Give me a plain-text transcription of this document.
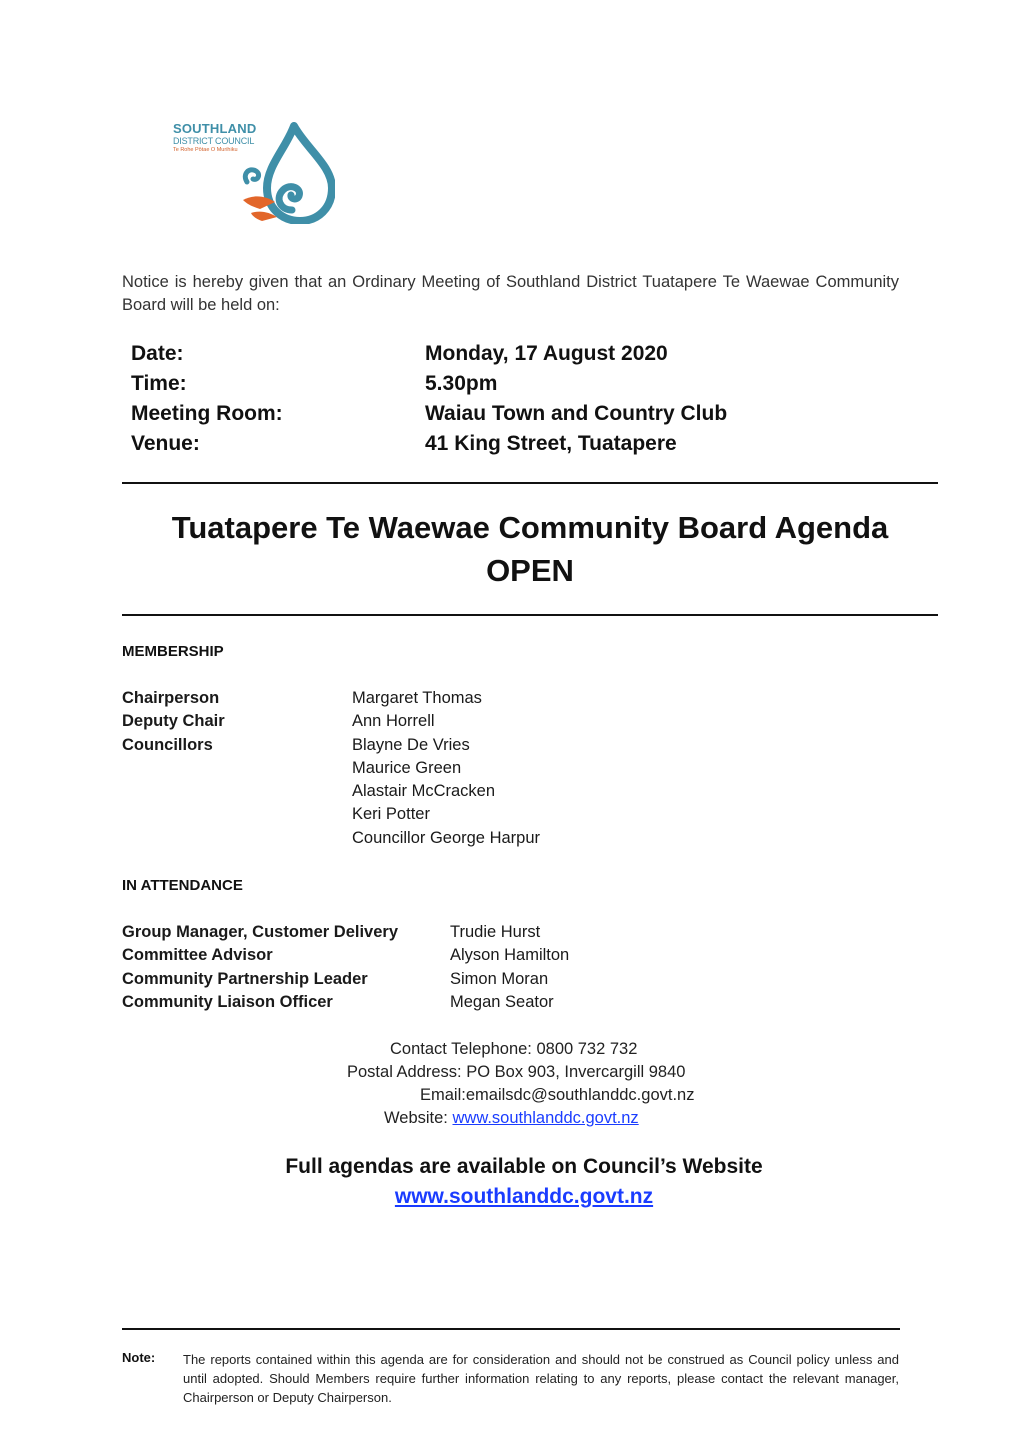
SOUTHLAND
DISTRICT COUNCIL
Te Rohe Pōtae O Murihiku
Notice is hereby given that an Ordinary Meeting of Southland District Tuatapere Te Waewae Community Board will be held on:
Date:	Monday, 17 August 2020
Time:	5.30pm
Meeting Room:	Waiau Town and Country Club
Venue:	41 King Street, Tuatapere
Tuatapere Te Waewae Community Board Agenda
OPEN
MEMBERSHIP
Chairperson	Margaret Thomas
Deputy Chair	Ann Horrell
Councillors	Blayne De Vries
Maurice Green
Alastair McCracken
Keri Potter
Councillor George Harpur
IN ATTENDANCE
Group Manager, Customer Delivery	Trudie Hurst
Committee Advisor	Alyson Hamilton
Community Partnership Leader	Simon Moran
Community Liaison Officer	Megan Seator
Contact Telephone: 0800 732 732
Postal Address: PO Box 903, Invercargill 9840
Email:emailsdc@southlanddc.govt.nz
Website: www.southlanddc.govt.nz
Full agendas are available on Council’s Website
www.southlanddc.govt.nz
Note: The reports contained within this agenda are for consideration and should not be construed as Council policy unless and until adopted. Should Members require further information relating to any reports, please contact the relevant manager, Chairperson or Deputy Chairperson.
